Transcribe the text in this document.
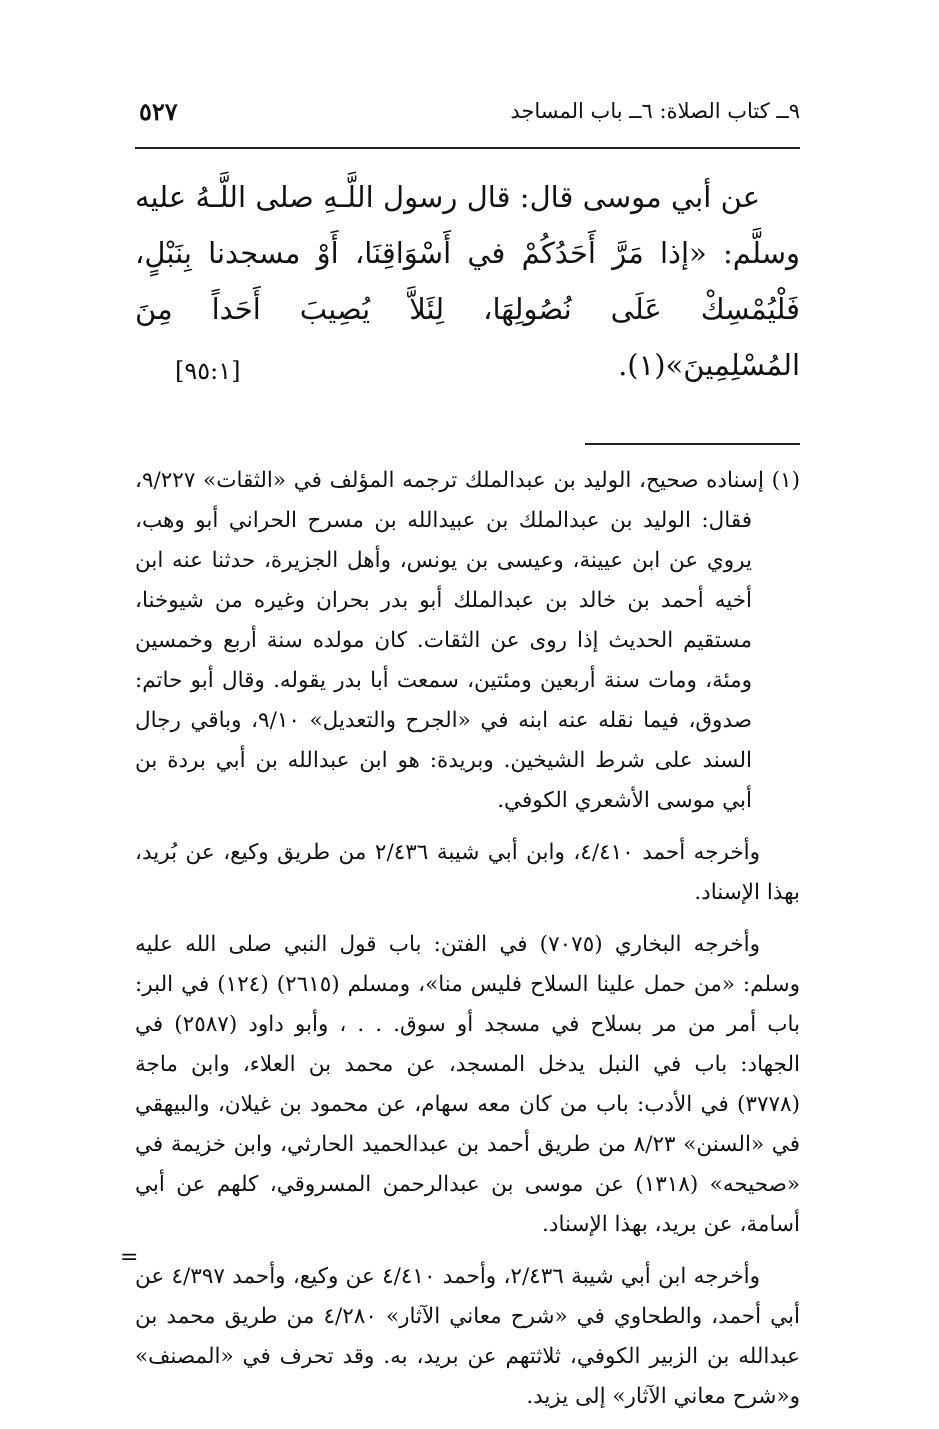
٩ــ كتاب الصلاة: ٦ــ باب المساجد
٥٢٧

عن أبي موسى قال: قال رسول اللَّـهِ صلى اللَّـهُ عليه وسلَّم: «إذا مَرَّ أَحَدُكُمْ في أَسْوَاقِنَا، أَوْ مسجدنا بِنَبْلٍ، فَلْيُمْسِكْ عَلَى نُصُولِهَا، لِئَلاَّ يُصِيبَ أَحَداً مِنَ المُسْلِمِينَ»(١).
[٩٥:١]

(١) إسناده صحيح، الوليد بن عبدالملك ترجمه المؤلف في «الثقات» ٩/٢٢٧، فقال: الوليد بن عبدالملك بن عبيدالله بن مسرح الحراني أبو وهب، يروي عن ابن عيينة، وعيسى بن يونس، وأهل الجزيرة، حدثنا عنه ابن أخيه أحمد بن خالد بن عبدالملك أبو بدر بحران وغيره من شيوخنا، مستقيم الحديث إذا روى عن الثقات. كان مولده سنة أربع وخمسين ومئة، ومات سنة أربعين ومئتين، سمعت أبا بدر يقوله. وقال أبو حاتم: صدوق، فيما نقله عنه ابنه في «الجرح والتعديل» ٩/١٠، وباقي رجال السند على شرط الشيخين. وبريدة: هو ابن عبدالله بن أبي بردة بن أبي موسى الأشعري الكوفي.

وأخرجه أحمد ٤/٤١٠، وابن أبي شيبة ٢/٤٣٦ من طريق وكيع، عن بُريد، بهذا الإسناد.

وأخرجه البخاري (٧٠٧٥) في الفتن: باب قول النبي صلى الله عليه وسلم: «من حمل علينا السلاح فليس منا»، ومسلم (٢٦١٥) (١٢٤) في البر: باب أمر من مر بسلاح في مسجد أو سوق. . . ، وأبو داود (٢٥٨٧) في الجهاد: باب في النبل يدخل المسجد، عن محمد بن العلاء، وابن ماجة (٣٧٧٨) في الأدب: باب من كان معه سهام، عن محمود بن غيلان، والبيهقي في «السنن» ٨/٢٣ من طريق أحمد بن عبدالحميد الحارثي، وابن خزيمة في «صحيحه» (١٣١٨) عن موسى بن عبدالرحمن المسروقي، كلهم عن أبي أسامة، عن بريد، بهذا الإسناد.

وأخرجه ابن أبي شيبة ٢/٤٣٦، وأحمد ٤/٤١٠ عن وكيع، وأحمد ٤/٣٩٧ عن أبي أحمد، والطحاوي في «شرح معاني الآثار» ٤/٢٨٠ من طريق محمد بن عبدالله بن الزبير الكوفي، ثلاثتهم عن بريد، به. وقد تحرف في «المصنف» و«شرح معاني الآثار» إلى يزيد.

=
